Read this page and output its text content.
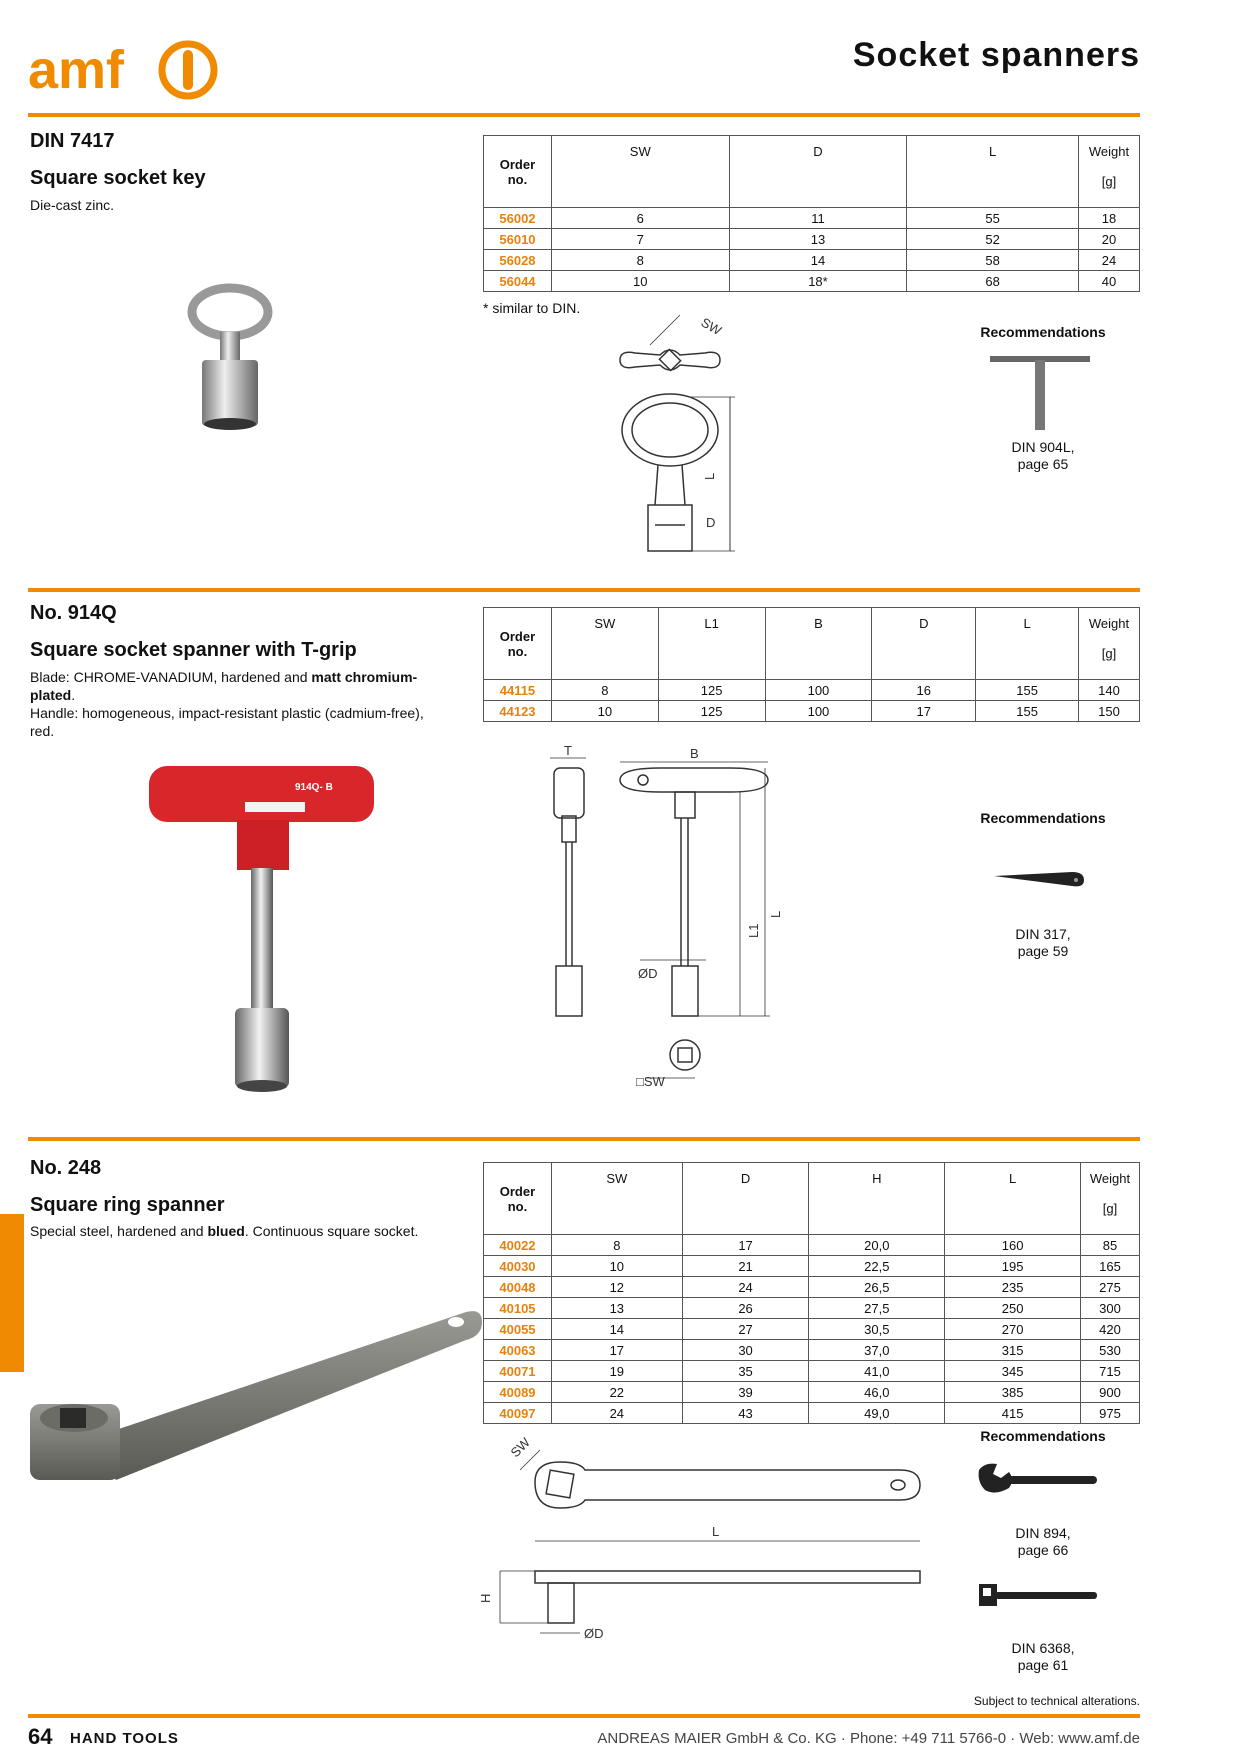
amf	Socket spanners
DIN 7417
Square socket key
Die-cast zinc.
Order
no.	SW	D	L	Weight

[g]
56002	6	11	55	18
56010	7	13	52	20
56028	8	14	58	24
56044	10	18*	68	40
* similar to DIN.
SW
L
D
Recommendations
DIN 904L,
page 65
No. 914Q
Square socket spanner with T-grip
Blade: CHROME-VANADIUM, hardened and matt chromium-plated.
Handle: homogeneous, impact-resistant plastic (cadmium-free), red.
914Q- B
Order
no.	SW	L1	B	D	L	Weight

[g]
44115	8	125	100	16	155	140
44123	10	125	100	17	155	150
T	B
L
L1
ØD
□SW
Recommendations
DIN 317,
page 59
No. 248
Square ring spanner
Special steel, hardened and blued. Continuous square socket.
Order
no.	SW	D	H	L	Weight

[g]
40022	8	17	20,0	160	85
40030	10	21	22,5	195	165
40048	12	24	26,5	235	275
40105	13	26	27,5	250	300
40055	14	27	30,5	270	420
40063	17	30	37,0	315	530
40071	19	35	41,0	345	715
40089	22	39	46,0	385	900
40097	24	43	49,0	415	975
SW
L
H
ØD
Recommendations
DIN 894,
page 66
DIN 6368,
page 61
Subject to technical alterations.
64 HAND TOOLS	ANDREAS MAIER GmbH & Co. KG · Phone: +49 711 5766-0 · Web: www.amf.de
